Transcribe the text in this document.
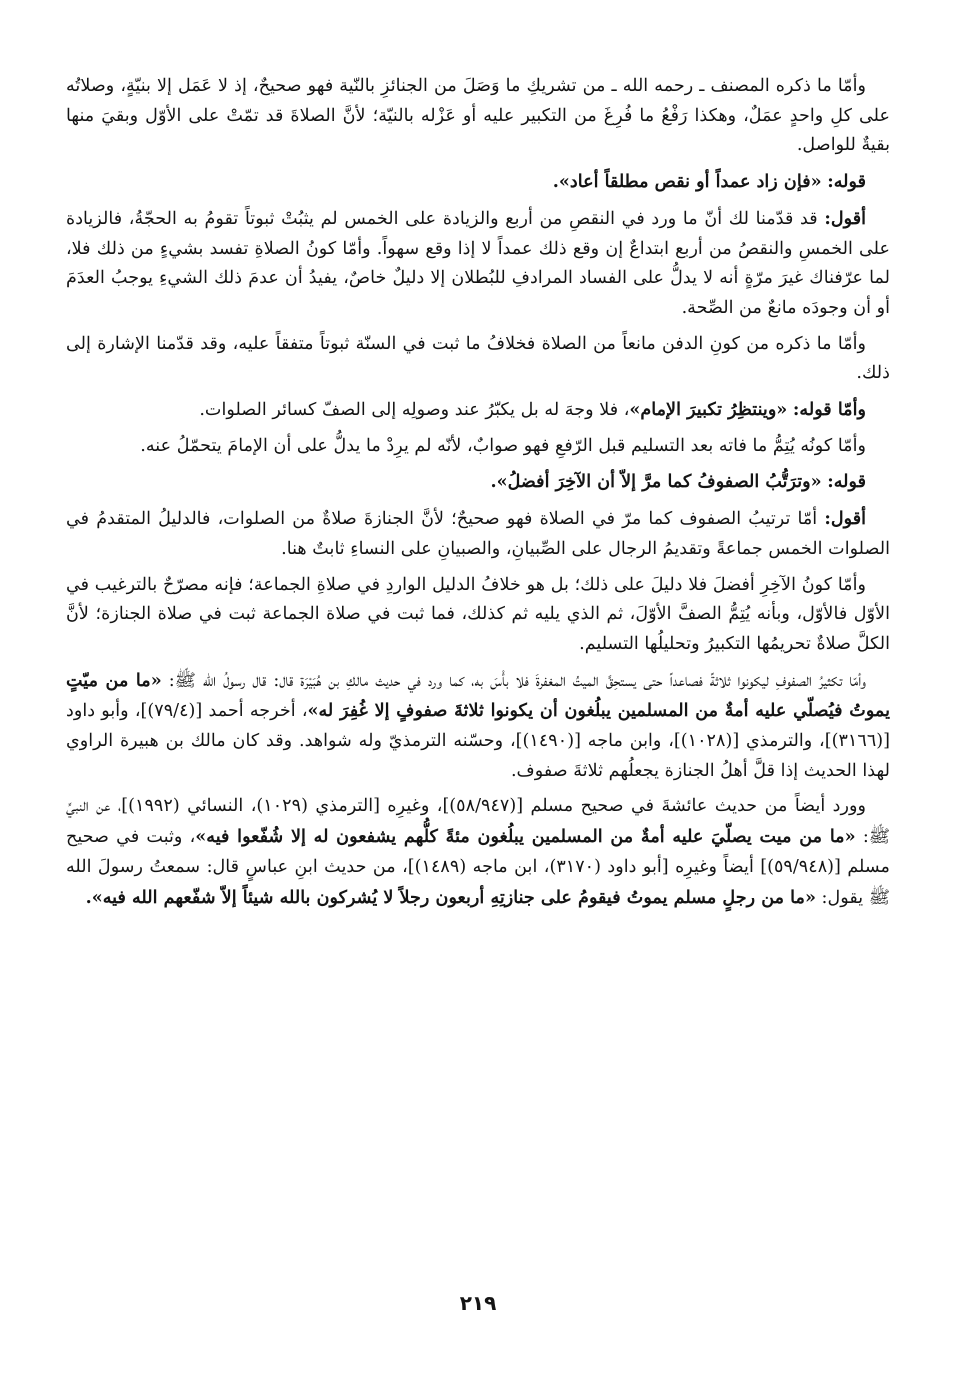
وأمّا ما ذكره المصنف ـ رحمه الله ـ من تشريكِ ما وَصَلَ من الجنائزِ بالنّية فهو صحيحٌ، إذ لا عَمَل إلا بنيّةٍ، وصلاتُه على كلِ واحدٍ عمَلٌ، وهكذا رَفْعُ ما فُرِغَ من التكبير عليه أو عَزْله بالنيّة؛ لأنَّ الصلاةَ قد تمّتْ على الأوّل وبقيَ منها بقيةٌ للواصل.

قوله: «فإن زاد عمداً أو نقص مطلقاً أعاد».

أقول: قد قدّمنا لك أنّ ما ورد في النقصِ من أربع والزيادة على الخمس لم يثبُتْ ثبوتاً تقومُ به الحجّةُ، فالزيادة على الخمسِ والنقصُ من أربع ابتداعٌ إن وقع ذلك عمداً لا إذا وقع سهواً. وأمّا كونُ الصلاةِ تفسد بشيءٍ من ذلك فلا، لما عرّفناك غيرَ مرّةٍ أنه لا يدلُّ على الفساد المرادفِ للبُطلان إلا دليلٌ خاصٌ، يفيدُ أن عدمَ ذلك الشيءِ يوجبُ العدَمَ أو أن وجودَه مانعٌ من الصِّحة.

وأمّا ما ذكره من كونِ الدفن مانعاً من الصلاة فخلافُ ما ثبت في السنّة ثبوتاً متفقاً عليه، وقد قدّمنا الإشارة إلى ذلك.

وأمّا قوله: «وينتظِرُ تكبيرَ الإمام»، فلا وجهَ له بل يكبّرُ عند وصولِه إلى الصفّ كسائر الصلوات.

وأمّا كونُه يُتِمُّ ما فاته بعد التسليم قبل الرّفعِ فهو صوابٌ، لأنّه لم يرِدْ ما يدلُّ على أن الإمامَ يتحمّلُ عنه.

قوله: «وترَتُّبُ الصفوفُ كما مرَّ إلاّ أن الآخِرَ أفضلُ».

أقول: أمّا ترتيبُ الصفوف كما مرّ في الصلاة فهو صحيحٌ؛ لأنَّ الجنازةَ صلاةٌ من الصلوات، فالدليلُ المتقدمُ في الصلوات الخمس جماعةً وتقديمُ الرجال على الصِّبيانِ، والصبيانِ على النساءِ ثابتٌ هنا.

وأمّا كونُ الآخِرِ أفضلَ فلا دليلَ على ذلك؛ بل هو خلافُ الدليل الواردِ في صلاةِ الجماعة؛ فإنه مصرّحٌ بالترغيب في الأوّل فالأوّل، وبأنه يُتِمُّ الصفَّ الأوّلَ، ثم الذي يليه ثم كذلك، فما ثبت في صلاة الجماعة ثبت في صلاة الجنازة؛ لأنَّ الكلَّ صلاةٌ تحريمُها التكبيرُ وتحليلُها التسليم.

وأمّا تكثيرُ الصفوفِ ليكونوا ثلاثةً فصاعداً حتى يستحِقَّ الميتُ المغفرةَ فلا بأْسَ به، كما ورد في حديث مالكِ بن هُبَيْرَة قال: قال رسولُ الله ﷺ: «ما من ميّتٍ يموتُ فيُصلّي عليه أمةٌ من المسلمين يبلُغون أن يكونوا ثلاثةَ صفوفٍ إلا غُفِرَ له»، أخرجه أحمد [(٧٩/٤)]، وأبو داود [(٣١٦٦)]، والترمذي [(١٠٢٨)]، وابن ماجه [(١٤٩٠)]، وحسّنه الترمذيّ وله شواهد. وقد كان مالك بن هبيرة الراوي لهذا الحديث إذا قلَّ أهلُ الجنازة يجعلُهم ثلاثةَ صفوف.

وورد أيضاً من حديث عائشةَ في صحيح مسلم [(٥٨/٩٤٧)]، وغيرِه [الترمذي (١٠٢٩)، النسائي (١٩٩٢)]، عن النبيِّ ﷺ: «ما من ميت يصلّيَ عليه أمةٌ من المسلمين يبلُغون مئةً كلُّهم يشفعون له إلا شُفّعوا فيه»، وثبت في صحيح مسلم [(٥٩/٩٤٨)] أيضاً وغيرِه [أبو داود (٣١٧٠)، ابن ماجه (١٤٨٩)]، من حديث ابنِ عباسٍ قال: سمعتُ رسولَ الله ﷺ يقول: «ما من رجلٍ مسلم يموتُ فيقومُ على جنازتِهِ أربعون رجلاً لا يُشركون بالله شيئاً إلاّ شفّعهم الله فيه».

٢١٩
